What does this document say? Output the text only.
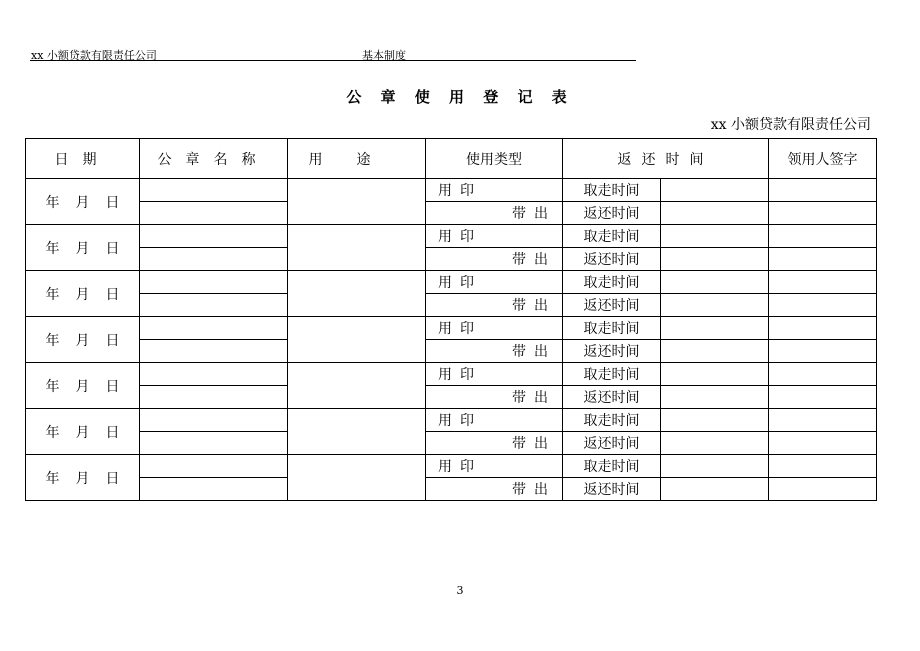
xx 小额贷款有限责任公司	基本制度
公 章 使 用 登 记 表
xx 小额贷款有限责任公司
日期	公章名称	用途	使用类型	返还时间		领用人签字
年 月 日			用印	取走时间		
			带出	返还时间		
年 月 日			用印	取走时间		
			带出	返还时间		
年 月 日			用印	取走时间		
			带出	返还时间		
年 月 日			用印	取走时间		
			带出	返还时间		
年 月 日			用印	取走时间		
			带出	返还时间		
年 月 日			用印	取走时间		
			带出	返还时间		
年 月 日			用印	取走时间		
			带出	返还时间		
3
